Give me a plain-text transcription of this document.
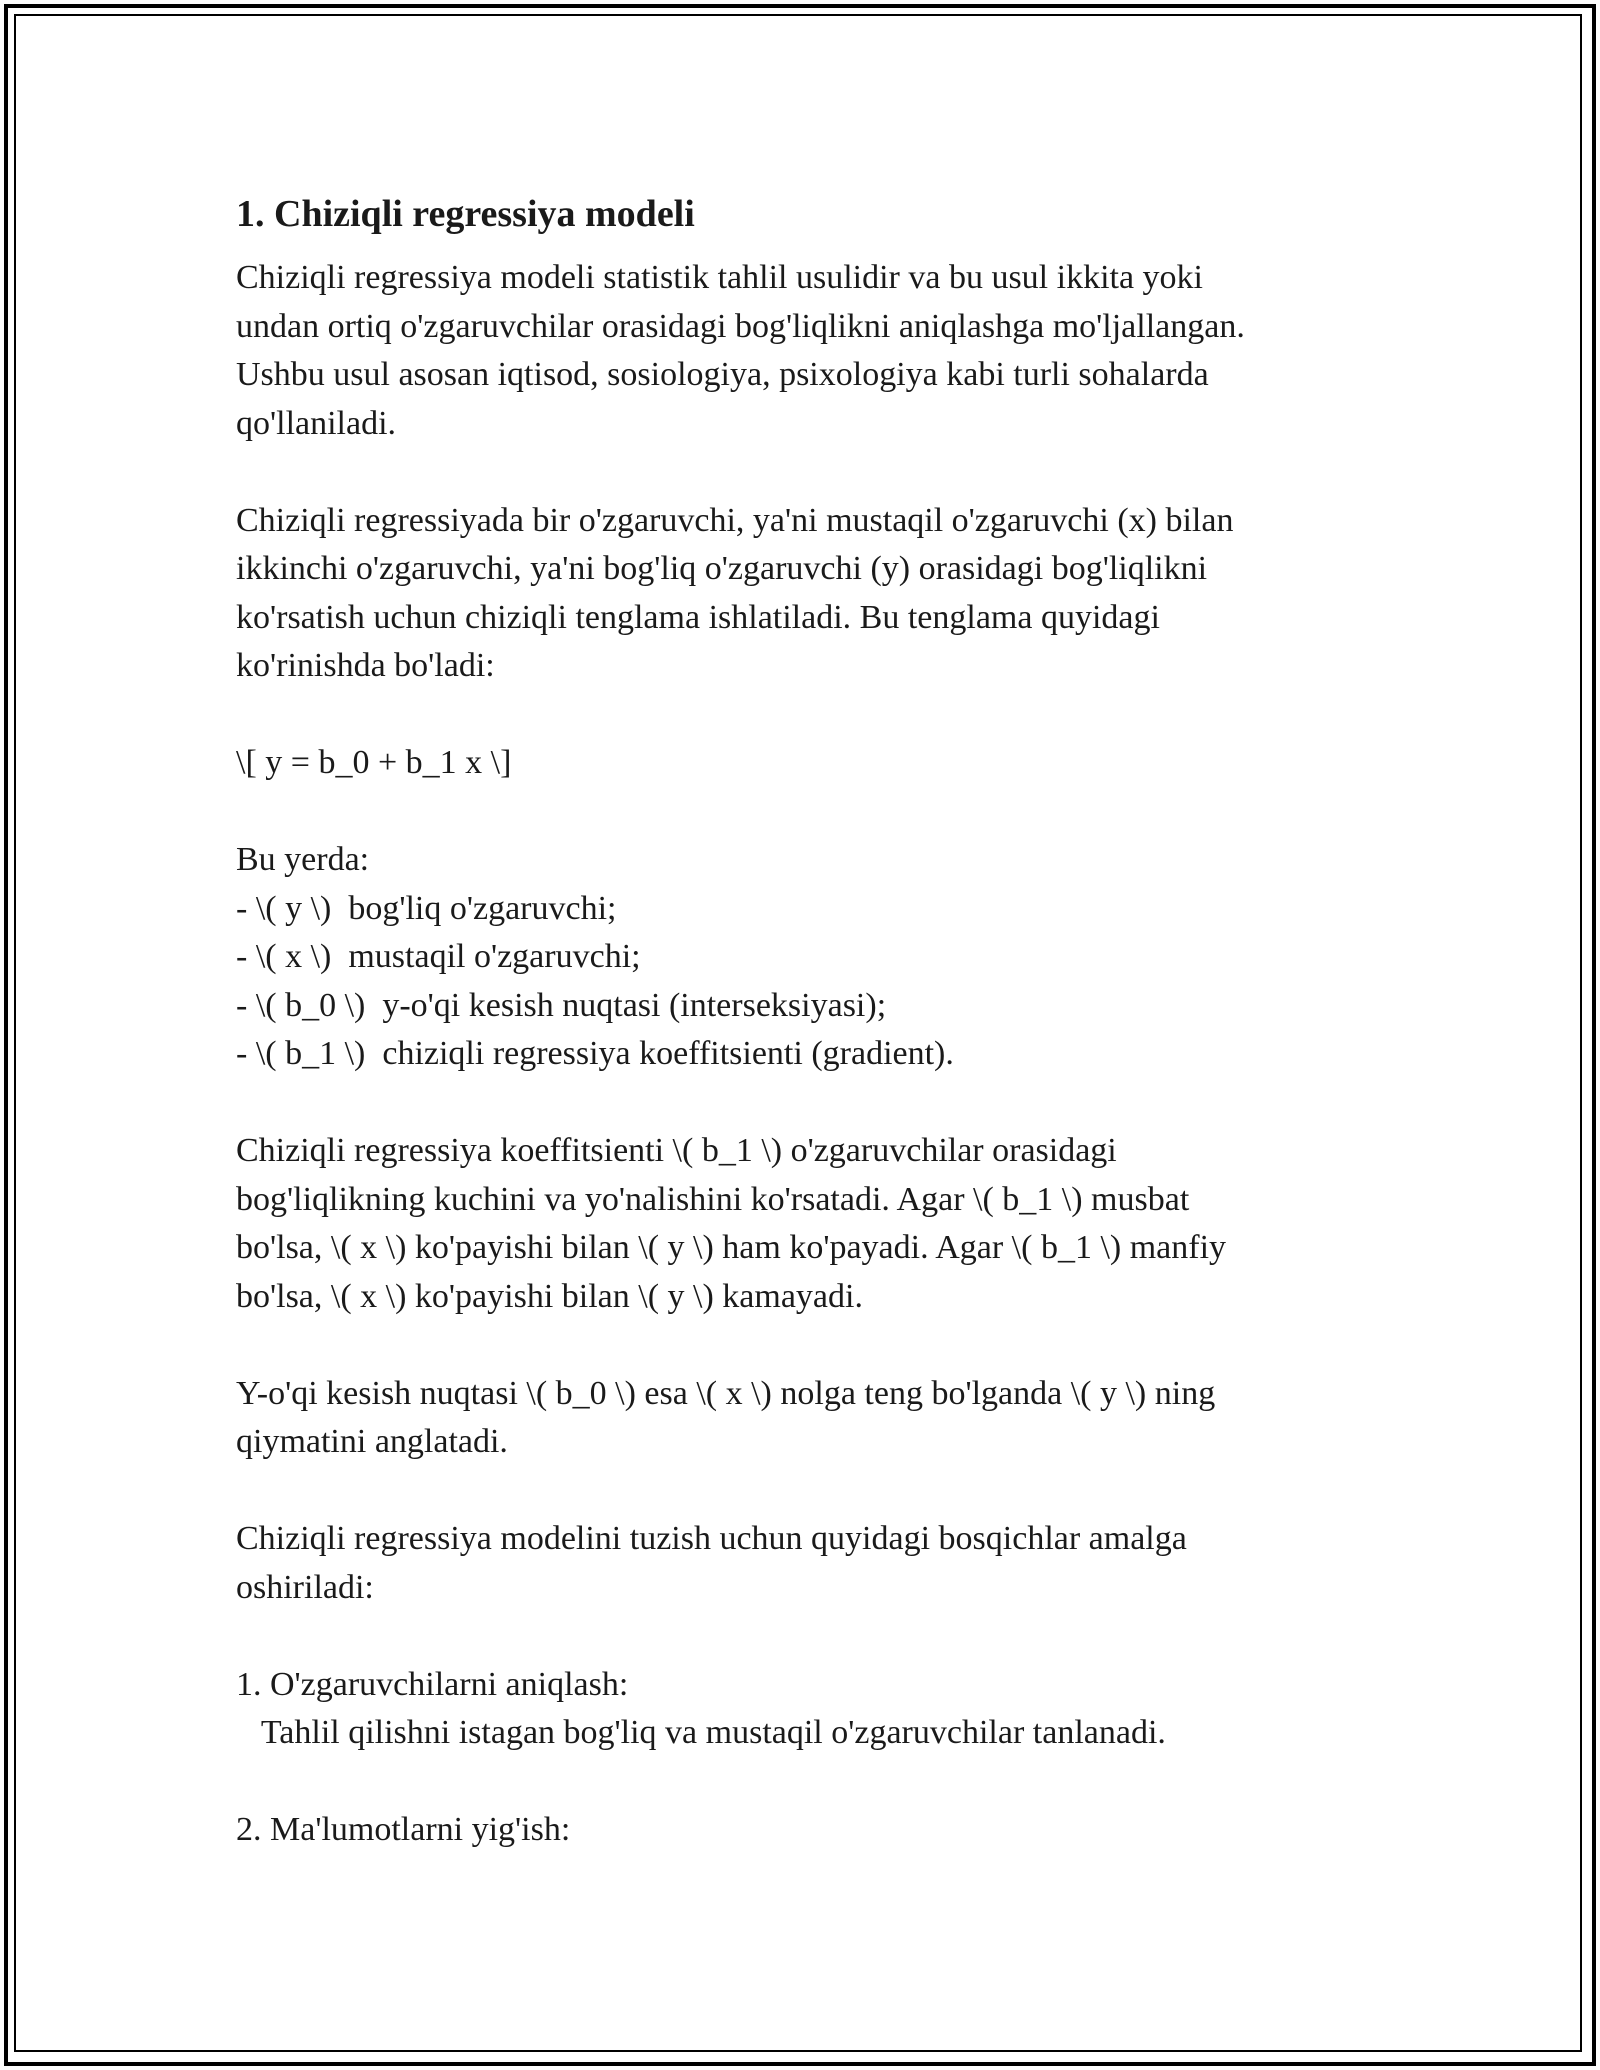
1. Chiziqli regressiya modeli
Chiziqli regressiya modeli statistik tahlil usulidir va bu usul ikkita yoki
undan ortiq o'zgaruvchilar orasidagi bog'liqlikni aniqlashga mo'ljallangan.
Ushbu usul asosan iqtisod, sosiologiya, psixologiya kabi turli sohalarda
qo'llaniladi.
Chiziqli regressiyada bir o'zgaruvchi, ya'ni mustaqil o'zgaruvchi (x) bilan
ikkinchi o'zgaruvchi, ya'ni bog'liq o'zgaruvchi (y) orasidagi bog'liqlikni
ko'rsatish uchun chiziqli tenglama ishlatiladi. Bu tenglama quyidagi
ko'rinishda bo'ladi:
\[ y = b_0 + b_1 x \]
Bu yerda:
- \( y \)  bog'liq o'zgaruvchi;
- \( x \)  mustaqil o'zgaruvchi;
- \( b_0 \)  y-o'qi kesish nuqtasi (interseksiyasi);
- \( b_1 \)  chiziqli regressiya koeffitsienti (gradient).
Chiziqli regressiya koeffitsienti \( b_1 \) o'zgaruvchilar orasidagi
bog'liqlikning kuchini va yo'nalishini ko'rsatadi. Agar \( b_1 \) musbat
bo'lsa, \( x \) ko'payishi bilan \( y \) ham ko'payadi. Agar \( b_1 \) manfiy
bo'lsa, \( x \) ko'payishi bilan \( y \) kamayadi.
Y-o'qi kesish nuqtasi \( b_0 \) esa \( x \) nolga teng bo'lganda \( y \) ning
qiymatini anglatadi.
Chiziqli regressiya modelini tuzish uchun quyidagi bosqichlar amalga
oshiriladi:
1. O'zgaruvchilarni aniqlash:
Tahlil qilishni istagan bog'liq va mustaqil o'zgaruvchilar tanlanadi.
2. Ma'lumotlarni yig'ish:
